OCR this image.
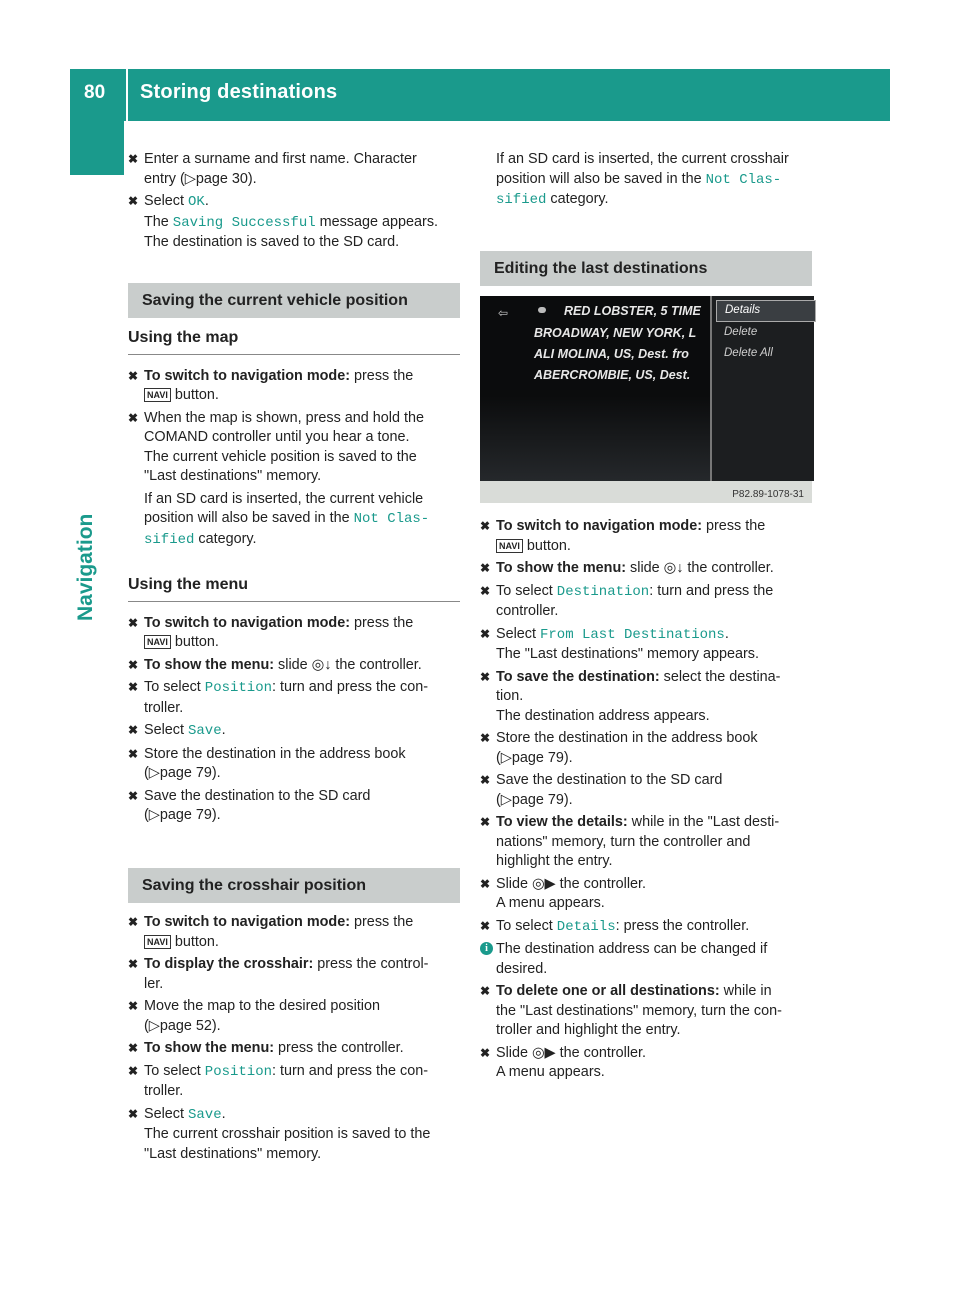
80 Storing destinations
Navigation
✖ Enter a surname and first name. Character
entry (▷page 30).
✖ Select OK.
The Saving Successful message appears.
The destination is saved to the SD card.
Saving the current vehicle position
Using the map
✖ To switch to navigation mode: press the
NAVI button.
✖ When the map is shown, press and hold the
COMAND controller until you hear a tone.
The current vehicle position is saved to the
"Last destinations" memory.
If an SD card is inserted, the current vehicle
position will also be saved in the Not Clas‑
sified category.
Using the menu
✖ To switch to navigation mode: press the
NAVI button.
✖ To show the menu: slide ◎↓ the controller.
✖ To select Position: turn and press the con-
troller.
✖ Select Save.
✖ Store the destination in the address book
(▷page 79).
✖ Save the destination to the SD card
(▷page 79).
Saving the crosshair position
✖ To switch to navigation mode: press the
NAVI button.
✖ To display the crosshair: press the control-
ler.
✖ Move the map to the desired position
(▷page 52).
✖ To show the menu: press the controller.
✖ To select Position: turn and press the con-
troller.
✖ Select Save.
The current crosshair position is saved to the
"Last destinations" memory.
If an SD card is inserted, the current crosshair
position will also be saved in the Not Clas‑
sified category.
Editing the last destinations
⇦	RED LOBSTER, 5 TIME
BROADWAY, NEW YORK, L
ALI MOLINA, US, Dest. fro
ABERCROMBIE, US, Dest.
Details
Delete
Delete All
P82.89-1078-31
✖ To switch to navigation mode: press the
NAVI button.
✖ To show the menu: slide ◎↓ the controller.
✖ To select Destination: turn and press the
controller.
✖ Select From Last Destinations.
The "Last destinations" memory appears.
✖ To save the destination: select the destina-
tion.
The destination address appears.
✖ Store the destination in the address book
(▷page 79).
✖ Save the destination to the SD card
(▷page 79).
✖ To view the details: while in the "Last desti-
nations" memory, turn the controller and
highlight the entry.
✖ Slide ◎▶ the controller.
A menu appears.
✖ To select Details: press the controller.
i The destination address can be changed if
desired.
✖ To delete one or all destinations: while in
the "Last destinations" memory, turn the con-
troller and highlight the entry.
✖ Slide ◎▶ the controller.
A menu appears.
